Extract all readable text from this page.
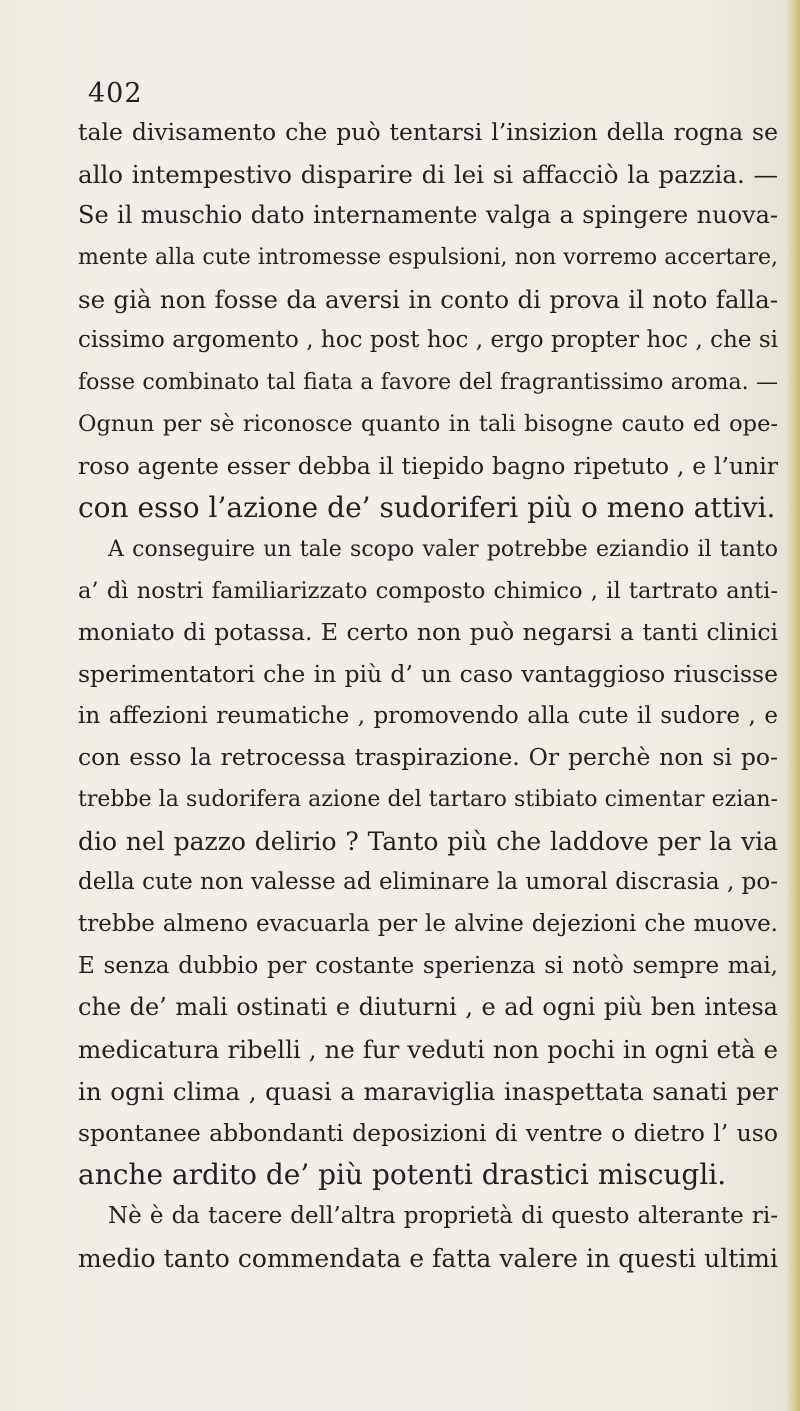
402
tale divisamento che può tentarsi l’insizion della rogna se
allo intempestivo disparire di lei si affacciò la pazzia. —
Se il muschio dato internamente valga a spingere nuova-
mente alla cute intromesse espulsioni, non vorremo accertare,
se già non fosse da aversi in conto di prova il noto falla-
cissimo argomento , hoc post hoc , ergo propter hoc , che si
fosse combinato tal fiata a favore del fragrantissimo aroma. —
Ognun per sè riconosce quanto in tali bisogne cauto ed ope-
roso agente esser debba il tiepido bagno ripetuto , e l’unir
con esso l’azione de’ sudoriferi più o meno attivi.
A conseguire un tale scopo valer potrebbe eziandio il tanto
a’ dì nostri familiarizzato composto chimico , il tartrato anti-
moniato di potassa. E certo non può negarsi a tanti clinici
sperimentatori che in più d’ un caso vantaggioso riuscisse
in affezioni reumatiche , promovendo alla cute il sudore , e
con esso la retrocessa traspirazione. Or perchè non si po-
trebbe la sudorifera azione del tartaro stibiato cimentar ezian-
dio nel pazzo delirio ? Tanto più che laddove per la via
della cute non valesse ad eliminare la umoral discrasia , po-
trebbe almeno evacuarla per le alvine dejezioni che muove.
E senza dubbio per costante sperienza si notò sempre mai,
che de’ mali ostinati e diuturni , e ad ogni più ben intesa
medicatura ribelli , ne fur veduti non pochi in ogni età e
in ogni clima , quasi a maraviglia inaspettata sanati per
spontanee abbondanti deposizioni di ventre o dietro l’ uso
anche ardito de’ più potenti drastici miscugli.
Nè è da tacere dell’altra proprietà di questo alterante ri-
medio tanto commendata e fatta valere in questi ultimi
